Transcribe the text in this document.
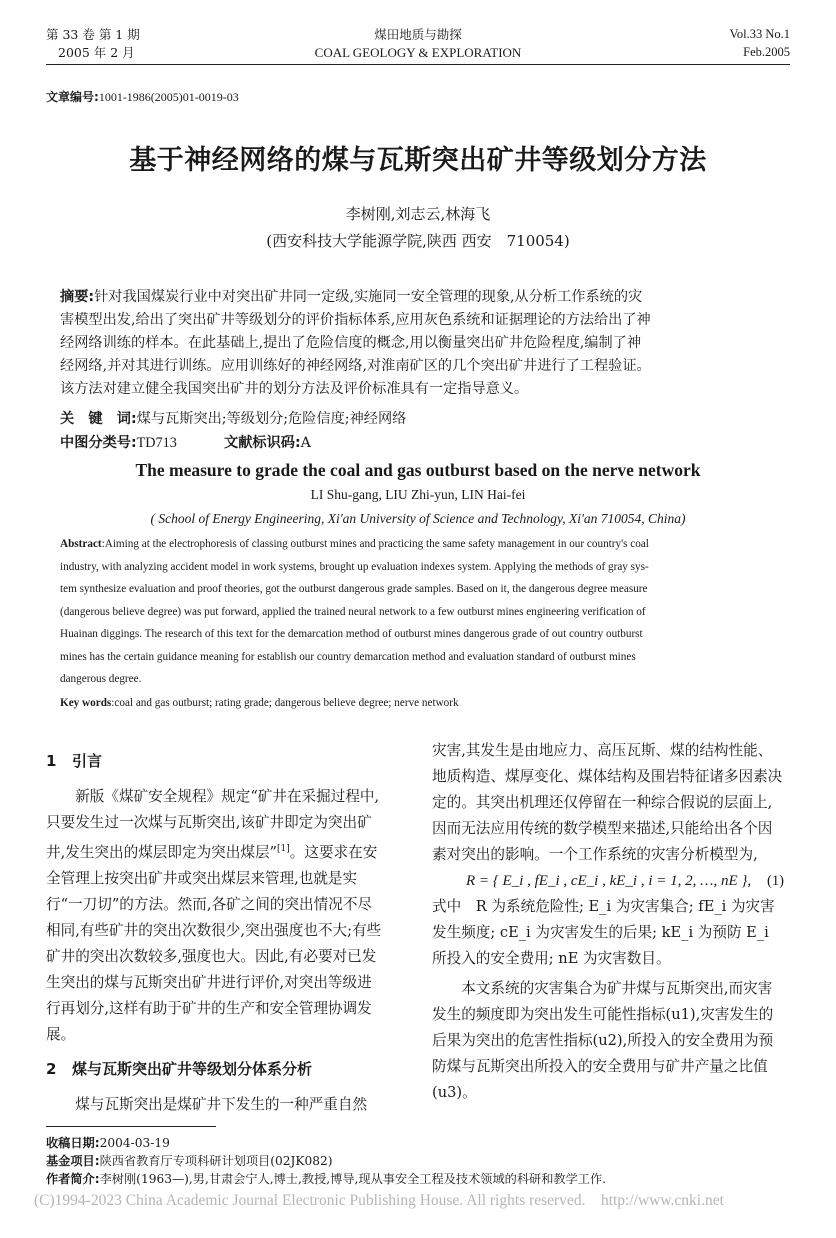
第 33 卷 第 1 期
2005 年 2 月
煤田地质与勘探
COAL GEOLOGY & EXPLORATION
Vol.33 No.1
Feb.2005
文章编号:1001-1986(2005)01-0019-03
基于神经网络的煤与瓦斯突出矿井等级划分方法
李树刚,刘志云,林海飞
(西安科技大学能源学院,陕西 西安　710054)
摘要:针对我国煤炭行业中对突出矿井同一定级,实施同一安全管理的现象,从分析工作系统的灾
害模型出发,给出了突出矿井等级划分的评价指标体系,应用灰色系统和证据理论的方法给出了神
经网络训练的样本。在此基础上,提出了危险信度的概念,用以衡量突出矿井危险程度,编制了神
经网络,并对其进行训练。应用训练好的神经网络,对淮南矿区的几个突出矿井进行了工程验证。
该方法对建立健全我国突出矿井的划分方法及评价标准具有一定指导意义。
关　键　词:煤与瓦斯突出;等级划分;危险信度;神经网络
中图分类号:TD713	文献标识码:A
The measure to grade the coal and gas outburst based on the nerve network
LI Shu-gang, LIU Zhi-yun, LIN Hai-fei
( School of Energy Engineering, Xi'an University of Science and Technology, Xi'an 710054, China)
Abstract:Aiming at the electrophoresis of classing outburst mines and practicing the same safety management in our country's coal
industry, with analyzing accident model in work systems, brought up evaluation indexes system. Applying the methods of gray sys-
tem synthesize evaluation and proof theories, got the outburst dangerous grade samples. Based on it, the dangerous degree measure
(dangerous believe degree) was put forward, applied the trained neural network to a few outburst mines engineering verification of
Huainan diggings. The research of this text for the demarcation method of outburst mines dangerous grade of out country outburst
mines has the certain guidance meaning for establish our country demarcation method and evaluation standard of outburst mines
dangerous degree.
Key words:coal and gas outburst; rating grade; dangerous believe degree; nerve network
1 引言

新版《煤矿安全规程》规定“矿井在采掘过程中,只要发生过一次煤与瓦斯突出,该矿井即定为突出矿井,发生突出的煤层即定为突出煤层”[1]。这要求在安全管理上按突出矿井或突出煤层来管理,也就是实行“一刀切”的方法。然而,各矿之间的突出情况不尽相同,有些矿井的突出次数很少,突出强度也不大;有些矿井的突出次数较多,强度也大。因此,有必要对已发生突出的煤与瓦斯突出矿井进行评价,对突出等级进行再划分,这样有助于矿井的生产和安全管理协调发展。

2 煤与瓦斯突出矿井等级划分体系分析

煤与瓦斯突出是煤矿井下发生的一种严重自然

灾害,其发生是由地应力、高压瓦斯、煤的结构性能、地质构造、煤厚变化、煤体结构及围岩特征诸多因素决定的。其突出机理还仅停留在一种综合假说的层面上,因而无法应用传统的数学模型来描述,只能给出各个因素对突出的影响。一个工作系统的灾害分析模型为,

R = { E_i , fE_i , cE_i , kE_i , i = 1, 2, …, nE }, (1)

式中　R 为系统危险性; E_i 为灾害集合; fE_i 为灾害发生频度; cE_i 为灾害发生的后果; kE_i 为预防 E_i 所投入的安全费用; nE 为灾害数目。

本文系统的灾害集合为矿井煤与瓦斯突出,而灾害发生的频度即为突出发生可能性指标(u1),灾害发生的后果为突出的危害性指标(u2),所投入的安全费用为预防煤与瓦斯突出所投入的安全费用与矿井产量之比值(u3)。

收稿日期:2004-03-19
基金项目:陕西省教育厅专项科研计划项目(02JK082)
作者简介:李树刚(1963—),男,甘肃会宁人,博士,教授,博导,现从事安全工程及技术领域的科研和教学工作.
(C)1994-2023 China Academic Journal Electronic Publishing House. All rights reserved.    http://www.cnki.net
